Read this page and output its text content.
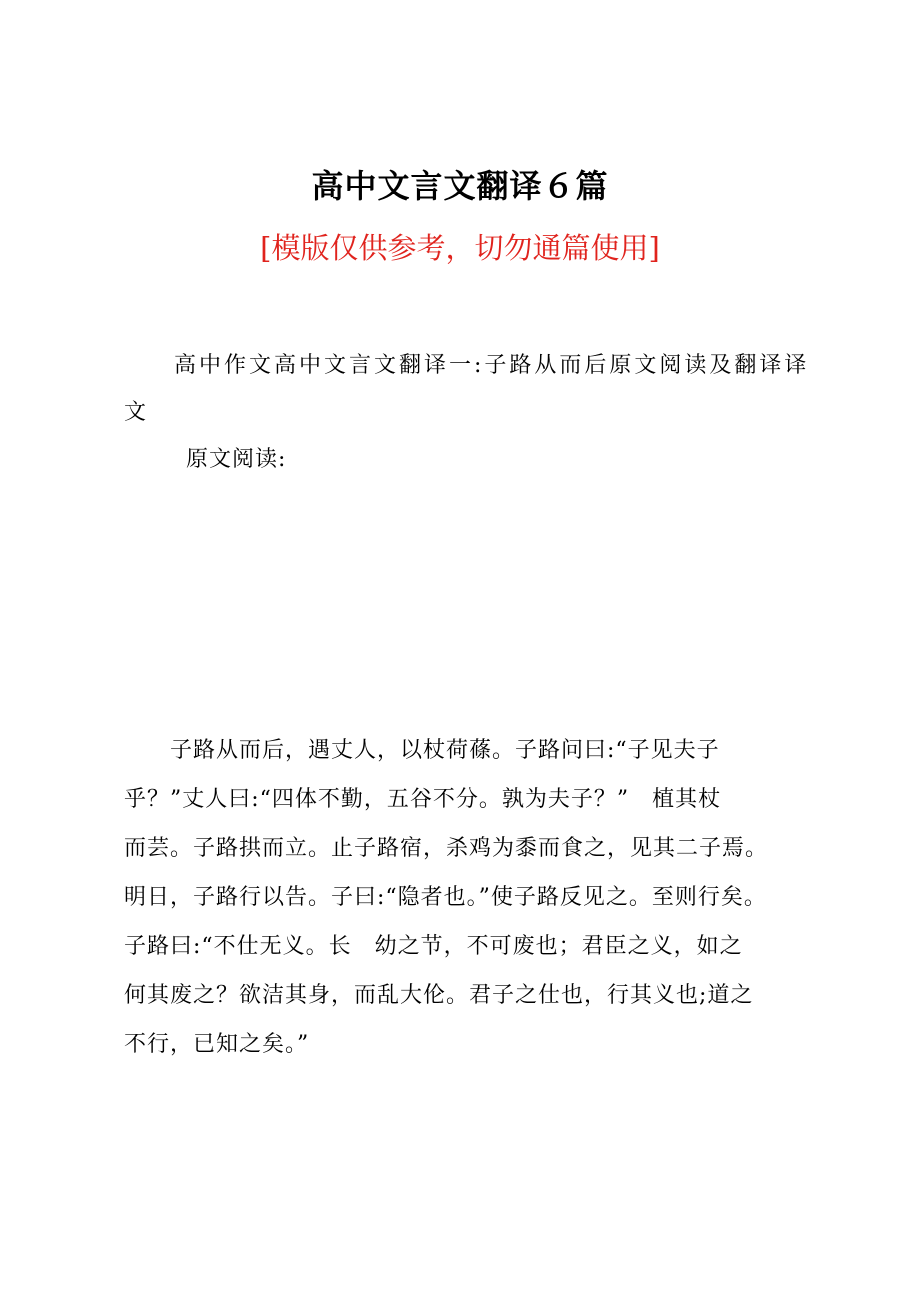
高中文言文翻译６篇
[模版仅供参考，切勿通篇使用]
高中作文高中文言文翻译一:子路从而后原文阅读及翻译译文
原文阅读:
　　子路从而后，遇丈人，以杖荷蓧。子路问曰:“子见夫子
乎？”丈人曰:“四体不勤，五谷不分。孰为夫子？”　植其杖
而芸。子路拱而立。止子路宿，杀鸡为黍而食之，见其二子焉。
明日，子路行以告。子曰:“隐者也。”使子路反见之。至则行矣。
子路曰:“不仕无义。长　幼之节，不可废也；君臣之义，如之
何其废之？欲洁其身，而乱大伦。君子之仕也，行其义也;道之
不行，已知之矣。”
